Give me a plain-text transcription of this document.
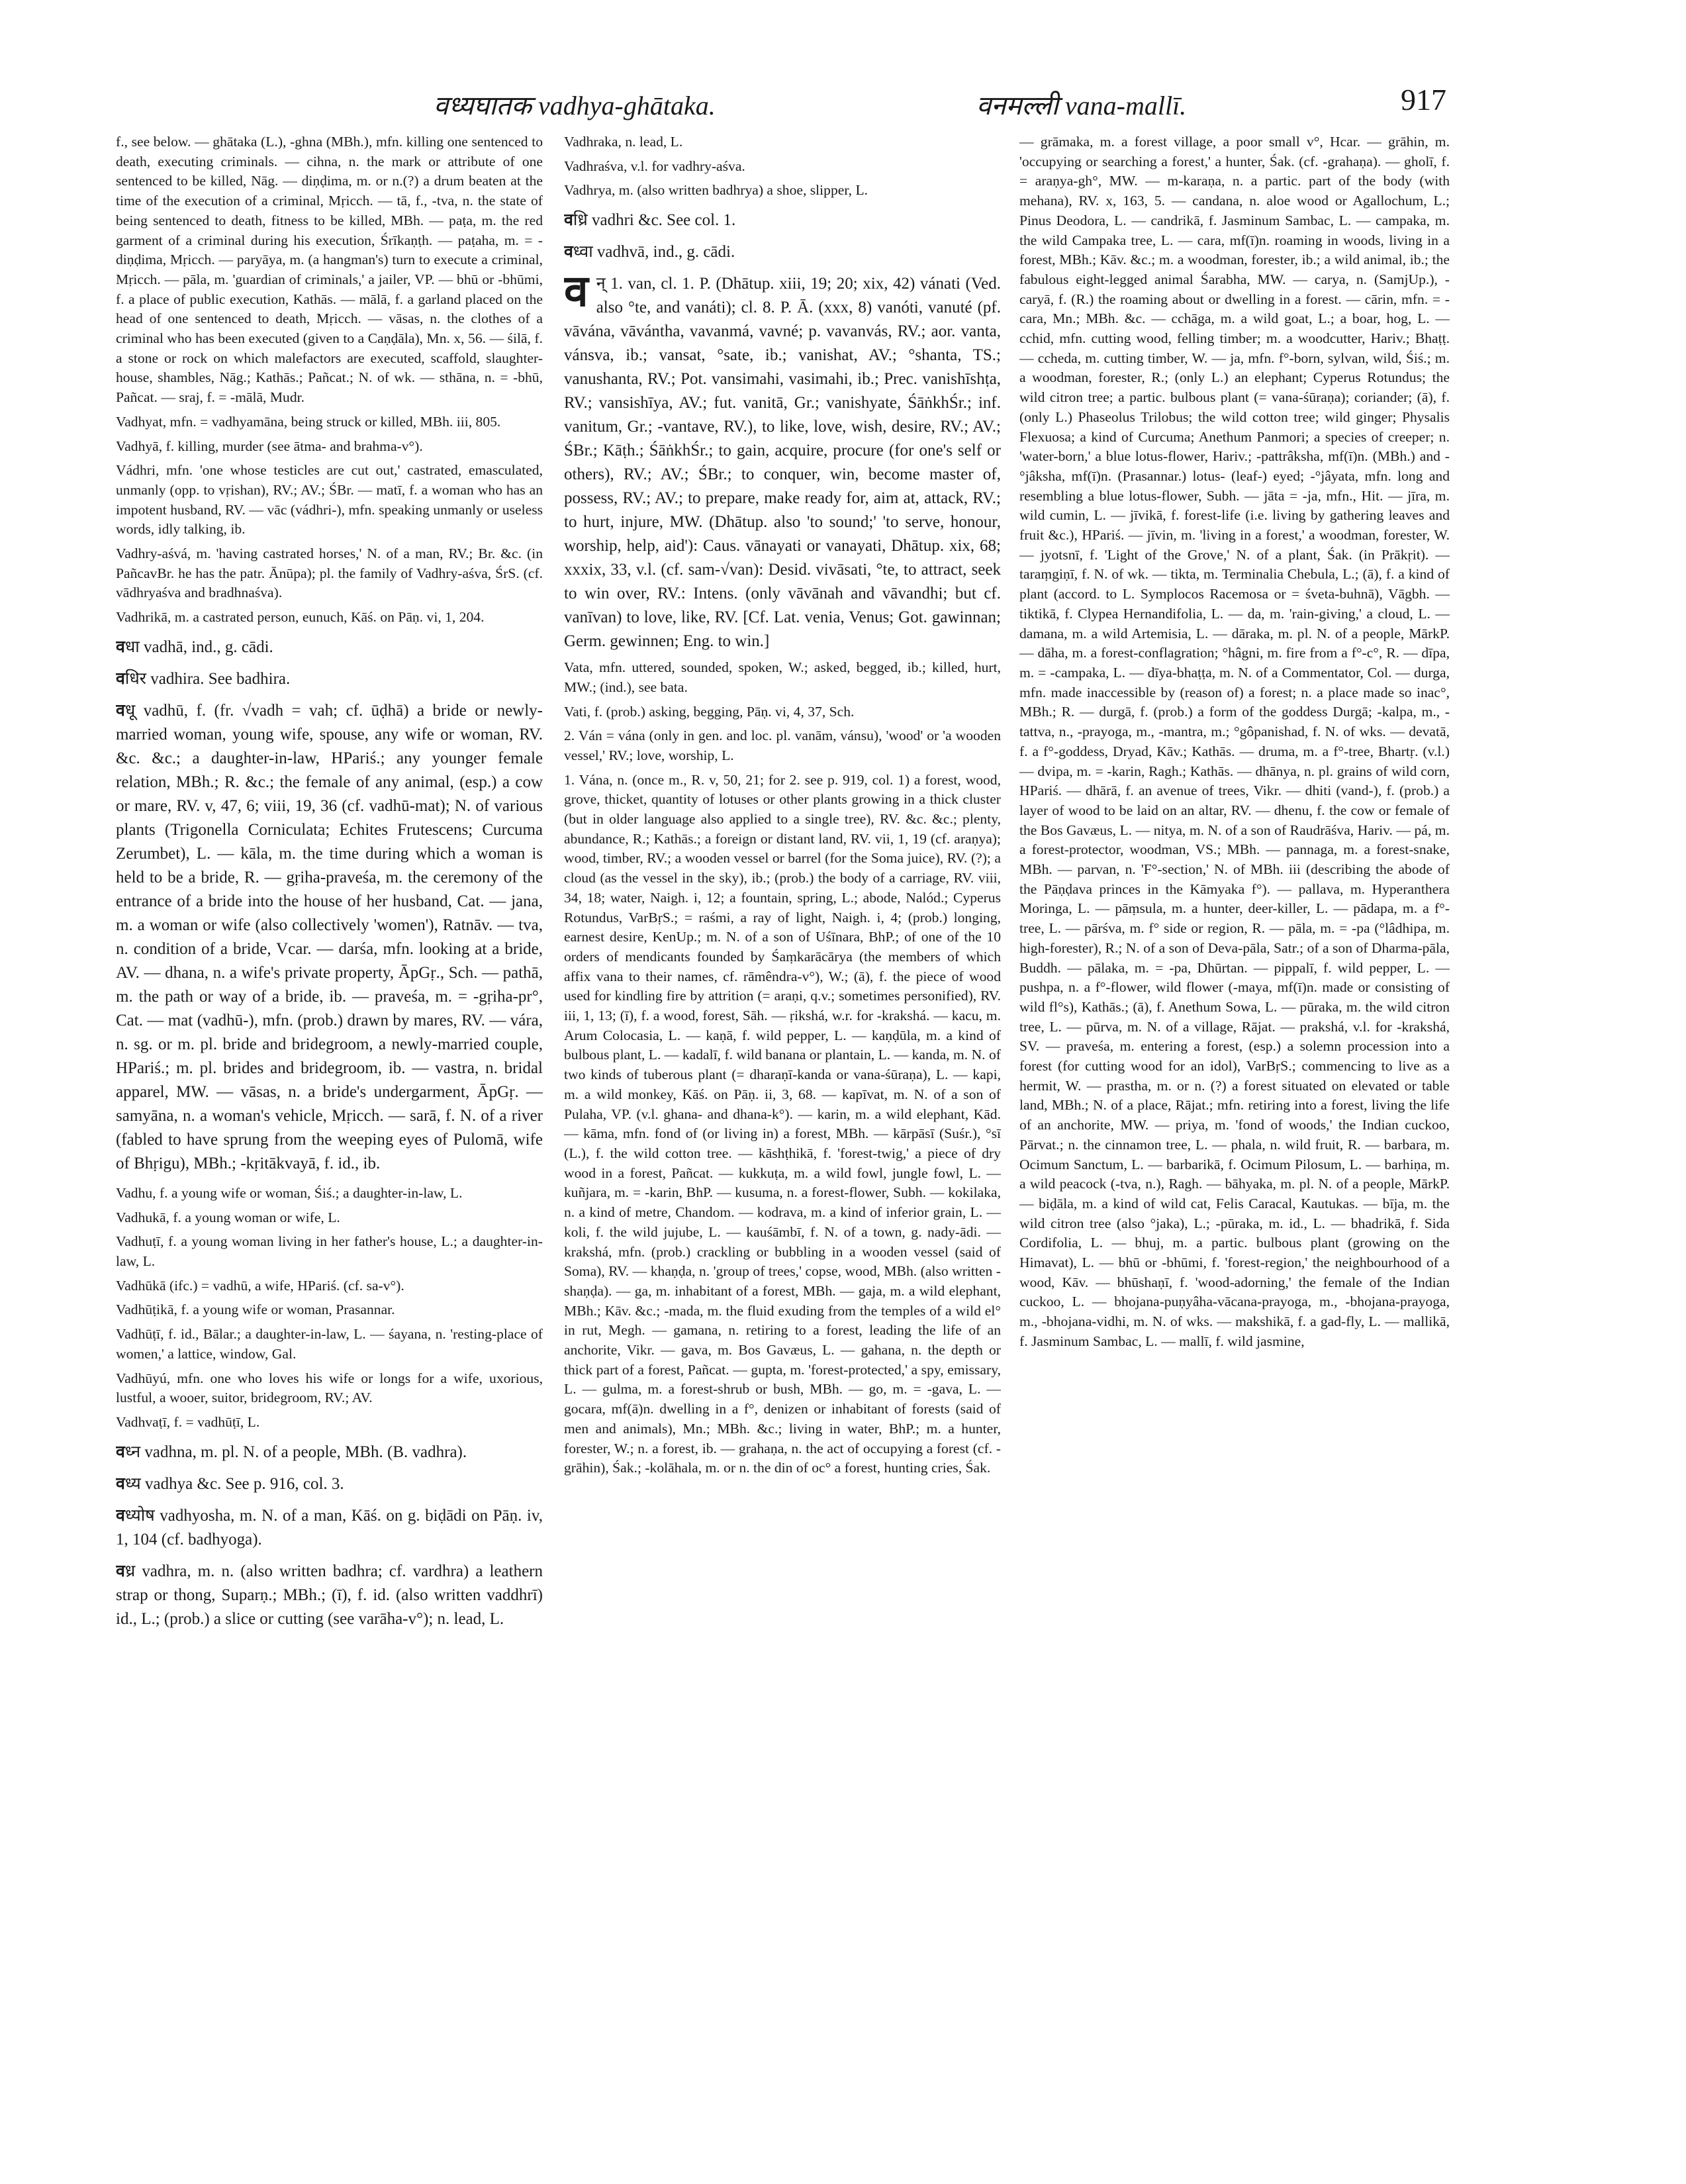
वध्यघातक vadhya-ghātaka.	वनमल्ली vana-mallī.	917

f., see below. — ghātaka (L.), -ghna (MBh.), mfn. killing one sentenced to death, executing criminals. — cihna, n. the mark or attribute of one sentenced to be killed, Nāg. — diṇḍima, m. or n.(?) a drum beaten at the time of the execution of a criminal, Mṛicch. — tā, f., -tva, n. the state of being sentenced to death, fitness to be killed, MBh. — paṭa, m. the red garment of a criminal during his execution, Śrīkaṇṭh. — paṭaha, m. = -diṇḍima, Mṛicch. — paryāya, m. (a hangman's) turn to execute a criminal, Mṛicch. — pāla, m. 'guardian of criminals,' a jailer, VP. — bhū or -bhūmi, f. a place of public execution, Kathās. — mālā, f. a garland placed on the head of one sentenced to death, Mṛicch. — vāsas, n. the clothes of a criminal who has been executed (given to a Caṇḍāla), Mn. x, 56. — śilā, f. a stone or rock on which malefactors are executed, scaffold, slaughter-house, shambles, Nāg.; Kathās.; Pañcat.; N. of wk. — sthāna, n. = -bhū, Pañcat. — sraj, f. = -mālā, Mudr.

Vadhyat, mfn. = vadhyamāna, being struck or killed, MBh. iii, 805.

Vadhyā, f. killing, murder (see ātma- and brahma-v°).

Vádhri, mfn. 'one whose testicles are cut out,' castrated, emasculated, unmanly (opp. to vṛishan), RV.; AV.; ŚBr. — matī, f. a woman who has an impotent husband, RV. — vāc (vádhri-), mfn. speaking unmanly or useless words, idly talking, ib.

Vadhry-aśvá, m. 'having castrated horses,' N. of a man, RV.; Br. &c. (in PañcavBr. he has the patr. Ānūpa); pl. the family of Vadhry-aśva, ŚrS. (cf. vādhryaśva and bradhnaśva).

Vadhrikā, m. a castrated person, eunuch, Kāś. on Pāṇ. vi, 1, 204.

वधा vadhā, ind., g. cādi.

वधिर vadhira. See badhira.

वधू vadhū, f. (fr. √vadh = vah; cf. ūḍhā) a bride or newly-married woman, young wife, spouse, any wife or woman, RV. &c. &c.; a daughter-in-law, HPariś.; any younger female relation, MBh.; R. &c.; the female of any animal, (esp.) a cow or mare, RV. v, 47, 6; viii, 19, 36 (cf. vadhū-mat); N. of various plants (Trigonella Corniculata; Echites Frutescens; Curcuma Zerumbet), L. — kāla, m. the time during which a woman is held to be a bride, R. — gṛiha-praveśa, m. the ceremony of the entrance of a bride into the house of her husband, Cat. — jana, m. a woman or wife (also collectively 'women'), Ratnāv. — tva, n. condition of a bride, Vcar. — darśa, mfn. looking at a bride, AV. — dhana, n. a wife's private property, ĀpGṛ., Sch. — pathā, m. the path or way of a bride, ib. — praveśa, m. = -gṛiha-pr°, Cat. — mat (vadhū-), mfn. (prob.) drawn by mares, RV. — vára, n. sg. or m. pl. bride and bridegroom, a newly-married couple, HPariś.; m. pl. brides and bridegroom, ib. — vastra, n. bridal apparel, MW. — vāsas, n. a bride's undergarment, ĀpGṛ. — samyāna, n. a woman's vehicle, Mṛicch. — sarā, f. N. of a river (fabled to have sprung from the weeping eyes of Pulomā, wife of Bhṛigu), MBh.; -kṛitākvayā, f. id., ib.

Vadhu, f. a young wife or woman, Śiś.; a daughter-in-law, L.

Vadhukā, f. a young woman or wife, L.

Vadhuṭī, f. a young woman living in her father's house, L.; a daughter-in-law, L.

Vadhūkā (ifc.) = vadhū, a wife, HPariś. (cf. sa-v°).

Vadhūṭikā, f. a young wife or woman, Prasannar.

Vadhūṭī, f. id., Bālar.; a daughter-in-law, L. — śayana, n. 'resting-place of women,' a lattice, window, Gal.

Vadhūyú, mfn. one who loves his wife or longs for a wife, uxorious, lustful, a wooer, suitor, bridegroom, RV.; AV.

Vadhvaṭī, f. = vadhūṭī, L.

वध्न vadhna, m. pl. N. of a people, MBh. (B. vadhra).

वध्य vadhya &c. See p. 916, col. 3.

वध्योष vadhyosha, m. N. of a man, Kāś. on g. biḍādi on Pāṇ. iv, 1, 104 (cf. badhyoga).

वध्र vadhra, m. n. (also written badhra; cf. vardhra) a leathern strap or thong, Suparṇ.; MBh.; (ī), f. id. (also written vaddhrī) id., L.; (prob.) a slice or cutting (see varāha-v°); n. lead, L.

Vadhraka, n. lead, L.

Vadhraśva, v.l. for vadhry-aśva.

Vadhrya, m. (also written badhrya) a shoe, slipper, L.

वध्रि vadhri &c. See col. 1.

वध्वा vadhvā, ind., g. cādi.

वन् 1. van, cl. 1. P. (Dhātup. xiii, 19; 20; xix, 42) vánati (Ved. also °te, and vanáti); cl. 8. P. Ā. (xxx, 8) vanóti, vanuté (pf. vāvána, vāvántha, vavanmá, vavné; p. vavanvás, RV.; aor. vanta, vánsva, ib.; vansat, °sate, ib.; vanishat, AV.; °shanta, TS.; vanushanta, RV.; Pot. vansimahi, vasimahi, ib.; Prec. vanishīshṭa, RV.; vansishīya, AV.; fut. vanitā, Gr.; vanishyate, ŚāṅkhŚr.; inf. vanitum, Gr.; -vantave, RV.), to like, love, wish, desire, RV.; AV.; ŚBr.; Kāṭh.; ŚāṅkhŚr.; to gain, acquire, procure (for one's self or others), RV.; AV.; ŚBr.; to conquer, win, become master of, possess, RV.; AV.; to prepare, make ready for, aim at, attack, RV.; to hurt, injure, MW. (Dhātup. also 'to sound;' 'to serve, honour, worship, help, aid'): Caus. vānayati or vanayati, Dhātup. xix, 68; xxxix, 33, v.l. (cf. sam-√van): Desid. vivāsati, °te, to attract, seek to win over, RV.: Intens. (only vāvānah and vāvandhi; but cf. vanīvan) to love, like, RV. [Cf. Lat. venia, Venus; Got. gawinnan; Germ. gewinnen; Eng. to win.]

Vata, mfn. uttered, sounded, spoken, W.; asked, begged, ib.; killed, hurt, MW.; (ind.), see bata.

Vati, f. (prob.) asking, begging, Pāṇ. vi, 4, 37, Sch.

2. Ván = vána (only in gen. and loc. pl. vanām, vánsu), 'wood' or 'a wooden vessel,' RV.; love, worship, L.

1. Vána, n. (once m., R. v, 50, 21; for 2. see p. 919, col. 1) a forest, wood, grove, thicket, quantity of lotuses or other plants growing in a thick cluster (but in older language also applied to a single tree), RV. &c. &c.; plenty, abundance, R.; Kathās.; a foreign or distant land, RV. vii, 1, 19 (cf. araṇya); wood, timber, RV.; a wooden vessel or barrel (for the Soma juice), RV. (?); a cloud (as the vessel in the sky), ib.; (prob.) the body of a carriage, RV. viii, 34, 18; water, Naigh. i, 12; a fountain, spring, L.; abode, Nalód.; Cyperus Rotundus, VarBṛS.; = raśmi, a ray of light, Naigh. i, 4; (prob.) longing, earnest desire, KenUp.; m. N. of a son of Uśīnara, BhP.; of one of the 10 orders of mendicants founded by Śaṃkarācārya (the members of which affix vana to their names, cf. rāmêndra-v°), W.; (ā), f. the piece of wood used for kindling fire by attrition (= araṇi, q.v.; sometimes personified), RV. iii, 1, 13; (ī), f. a wood, forest, Sāh. — ṛikshá, w.r. for -krakshá. — kacu, m. Arum Colocasia, L. — kaṇā, f. wild pepper, L. — kaṇḍūla, m. a kind of bulbous plant, L. — kadalī, f. wild banana or plantain, L. — kanda, m. N. of two kinds of tuberous plant (= dharaṇī-kanda or vana-śūraṇa), L. — kapi, m. a wild monkey, Kāś. on Pāṇ. ii, 3, 68. — kapīvat, m. N. of a son of Pulaha, VP. (v.l. ghana- and dhana-k°). — karin, m. a wild elephant, Kād. — kāma, mfn. fond of (or living in) a forest, MBh. — kārpāsī (Suśr.), °sī (L.), f. the wild cotton tree. — kāshṭhikā, f. 'forest-twig,' a piece of dry wood in a forest, Pañcat. — kukkuṭa, m. a wild fowl, jungle fowl, L. — kuñjara, m. = -karin, BhP. — kusuma, n. a forest-flower, Subh. — kokilaka, n. a kind of metre, Chandom. — kodrava, m. a kind of inferior grain, L. — koli, f. the wild jujube, L. — kauśāmbī, f. N. of a town, g. nady-ādi. — krakshá, mfn. (prob.) crackling or bubbling in a wooden vessel (said of Soma), RV. — khaṇḍa, n. 'group of trees,' copse, wood, MBh. (also written -shaṇḍa). — ga, m. inhabitant of a forest, MBh. — gaja, m. a wild elephant, MBh.; Kāv. &c.; -mada, m. the fluid exuding from the temples of a wild el° in rut, Megh. — gamana, n. retiring to a forest, leading the life of an anchorite, Vikr. — gava, m. Bos Gavæus, L. — gahana, n. the depth or thick part of a forest, Pañcat. — gupta, m. 'forest-protected,' a spy, emissary, L. — gulma, m. a forest-shrub or bush, MBh. — go, m. = -gava, L. — gocara, mf(ā)n. dwelling in a f°, denizen or inhabitant of forests (said of men and animals), Mn.; MBh. &c.; living in water, BhP.; m. a hunter, forester, W.; n. a forest, ib. — grahaṇa, n. the act of occupying a forest (cf. -grāhin), Śak.; -kolāhala, m. or n. the din of oc° a forest, hunting cries, Śak.

— grāmaka, m. a forest village, a poor small v°, Hcar. — grāhin, m. 'occupying or searching a forest,' a hunter, Śak. (cf. -grahaṇa). — gholī, f. = araṇya-gh°, MW. — m-karaṇa, n. a partic. part of the body (with mehana), RV. x, 163, 5. — candana, n. aloe wood or Agallochum, L.; Pinus Deodora, L. — candrikā, f. Jasminum Sambac, L. — campaka, m. the wild Campaka tree, L. — cara, mf(ī)n. roaming in woods, living in a forest, MBh.; Kāv. &c.; m. a woodman, forester, ib.; a wild animal, ib.; the fabulous eight-legged animal Śarabha, MW. — carya, n. (SamjUp.), -caryā, f. (R.) the roaming about or dwelling in a forest. — cārin, mfn. = -cara, Mn.; MBh. &c. — cchāga, m. a wild goat, L.; a boar, hog, L. — cchid, mfn. cutting wood, felling timber; m. a woodcutter, Hariv.; Bhaṭṭ. — ccheda, m. cutting timber, W. — ja, mfn. f°-born, sylvan, wild, Śiś.; m. a woodman, forester, R.; (only L.) an elephant; Cyperus Rotundus; the wild citron tree; a partic. bulbous plant (= vana-śūraṇa); coriander; (ā), f. (only L.) Phaseolus Trilobus; the wild cotton tree; wild ginger; Physalis Flexuosa; a kind of Curcuma; Anethum Panmori; a species of creeper; n. 'water-born,' a blue lotus-flower, Hariv.; -pattrâksha, mf(ī)n. (MBh.) and -°jâksha, mf(ī)n. (Prasannar.) lotus- (leaf-) eyed; -°jâyata, mfn. long and resembling a blue lotus-flower, Subh. — jāta = -ja, mfn., Hit. — jīra, m. wild cumin, L. — jīvikā, f. forest-life (i.e. living by gathering leaves and fruit &c.), HPariś. — jīvin, m. 'living in a forest,' a woodman, forester, W. — jyotsnī, f. 'Light of the Grove,' N. of a plant, Śak. (in Prākṛit). — taraṃgiṇī, f. N. of wk. — tikta, m. Terminalia Chebula, L.; (ā), f. a kind of plant (accord. to L. Symplocos Racemosa or = śveta-buhnā), Vāgbh. — tiktikā, f. Clypea Hernandifolia, L. — da, m. 'rain-giving,' a cloud, L. — damana, m. a wild Artemisia, L. — dāraka, m. pl. N. of a people, MārkP. — dāha, m. a forest-conflagration; °hâgni, m. fire from a f°-c°, R. — dīpa, m. = -campaka, L. — dīya-bhaṭṭa, m. N. of a Commentator, Col. — durga, mfn. made inaccessible by (reason of) a forest; n. a place made so inac°, MBh.; R. — durgā, f. (prob.) a form of the goddess Durgā; -kalpa, m., -tattva, n., -prayoga, m., -mantra, m.; °gôpanishad, f. N. of wks. — devatā, f. a f°-goddess, Dryad, Kāv.; Kathās. — druma, m. a f°-tree, Bhartṛ. (v.l.) — dvipa, m. = -karin, Ragh.; Kathās. — dhānya, n. pl. grains of wild corn, HPariś. — dhārā, f. an avenue of trees, Vikr. — dhiti (vand-), f. (prob.) a layer of wood to be laid on an altar, RV. — dhenu, f. the cow or female of the Bos Gavæus, L. — nitya, m. N. of a son of Raudrāśva, Hariv. — pá, m. a forest-protector, woodman, VS.; MBh. — pannaga, m. a forest-snake, MBh. — parvan, n. 'F°-section,' N. of MBh. iii (describing the abode of the Pāṇḍava princes in the Kāmyaka f°). — pallava, m. Hyperanthera Moringa, L. — pāṃsula, m. a hunter, deer-killer, L. — pādapa, m. a f°-tree, L. — pārśva, m. f° side or region, R. — pāla, m. = -pa (°lâdhipa, m. high-forester), R.; N. of a son of Deva-pāla, Satr.; of a son of Dharma-pāla, Buddh. — pālaka, m. = -pa, Dhūrtan. — pippalī, f. wild pepper, L. — pushpa, n. a f°-flower, wild flower (-maya, mf(ī)n. made or consisting of wild fl°s), Kathās.; (ā), f. Anethum Sowa, L. — pūraka, m. the wild citron tree, L. — pūrva, m. N. of a village, Rājat. — prakshá, v.l. for -krakshá, SV. — praveśa, m. entering a forest, (esp.) a solemn procession into a forest (for cutting wood for an idol), VarBṛS.; commencing to live as a hermit, W. — prastha, m. or n. (?) a forest situated on elevated or table land, MBh.; N. of a place, Rājat.; mfn. retiring into a forest, living the life of an anchorite, MW. — priya, m. 'fond of woods,' the Indian cuckoo, Pārvat.; n. the cinnamon tree, L. — phala, n. wild fruit, R. — barbara, m. Ocimum Sanctum, L. — barbarikā, f. Ocimum Pilosum, L. — barhiṇa, m. a wild peacock (-tva, n.), Ragh. — bāhyaka, m. pl. N. of a people, MārkP. — biḍāla, m. a kind of wild cat, Felis Caracal, Kautukas. — bīja, m. the wild citron tree (also °jaka), L.; -pūraka, m. id., L. — bhadrikā, f. Sida Cordifolia, L. — bhuj, m. a partic. bulbous plant (growing on the Himavat), L. — bhū or -bhūmi, f. 'forest-region,' the neighbourhood of a wood, Kāv. — bhūshaṇī, f. 'wood-adorning,' the female of the Indian cuckoo, L. — bhojana-puṇyâha-vācana-prayoga, m., -bhojana-prayoga, m., -bhojana-vidhi, m. N. of wks. — makshikā, f. a gad-fly, L. — mallikā, f. Jasminum Sambac, L. — mallī, f. wild jasmine,
